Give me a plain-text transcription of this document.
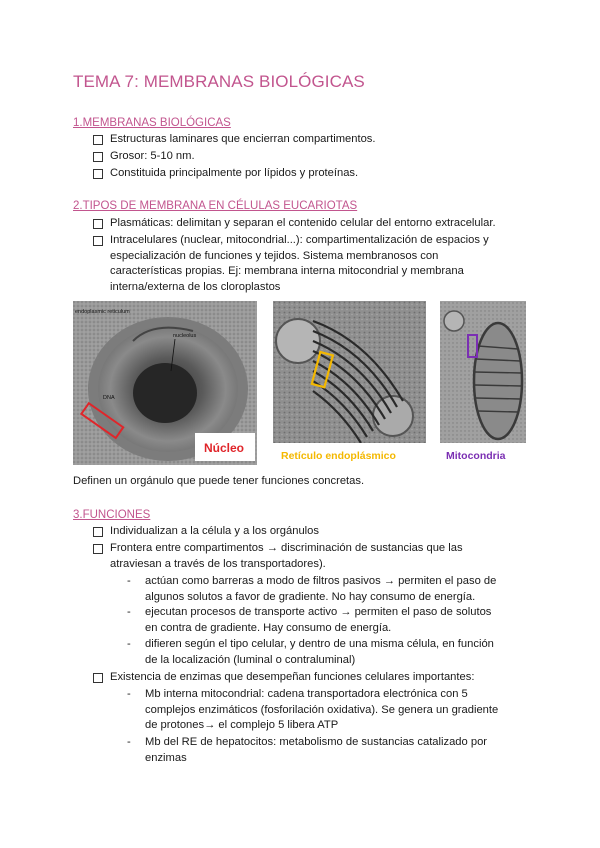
TEMA 7: MEMBRANAS BIOLÓGICAS
1.MEMBRANAS BIOLÓGICAS
Estructuras laminares que encierran compartimentos.
Grosor: 5-10 nm.
Constituida principalmente por lípidos y proteínas.
2.TIPOS DE MEMBRANA EN CÉLULAS EUCARIOTAS
Plasmáticas: delimitan y separan el contenido celular del entorno extracelular.
Intracelulares (nuclear, mitocondrial...): compartimentalización de espacios y
especialización de funciones y tejidos. Sistema membranosos con
características propias. Ej: membrana interna mitocondrial y membrana
interna/externa de los cloroplastos
endoplasmic reticulum
nucleolus
DNA
Núcleo
Retículo endoplásmico	Mitocondria
Definen un orgánulo que puede tener funciones concretas.
3.FUNCIONES
Individualizan a la célula y a los orgánulos
Frontera entre compartimentos → discriminación de sustancias que las
atraviesan a través de los transportadores).
-	actúan como barreras a modo de filtros pasivos → permiten el paso de
algunos solutos a favor de gradiente. No hay consumo de energía.
-	ejecutan procesos de transporte activo → permiten el paso de solutos
en contra de gradiente. Hay consumo de energía.
-	difieren según el tipo celular, y dentro de una misma célula, en función
de la localización (luminal o contraluminal)
Existencia de enzimas que desempeñan funciones celulares importantes:
-	Mb interna mitocondrial: cadena transportadora electrónica con 5
complejos enzimáticos (fosforilación oxidativa). Se genera un gradiente
de protones→ el complejo 5 libera ATP
-	Mb del RE de hepatocitos: metabolismo de sustancias catalizado por
enzimas
